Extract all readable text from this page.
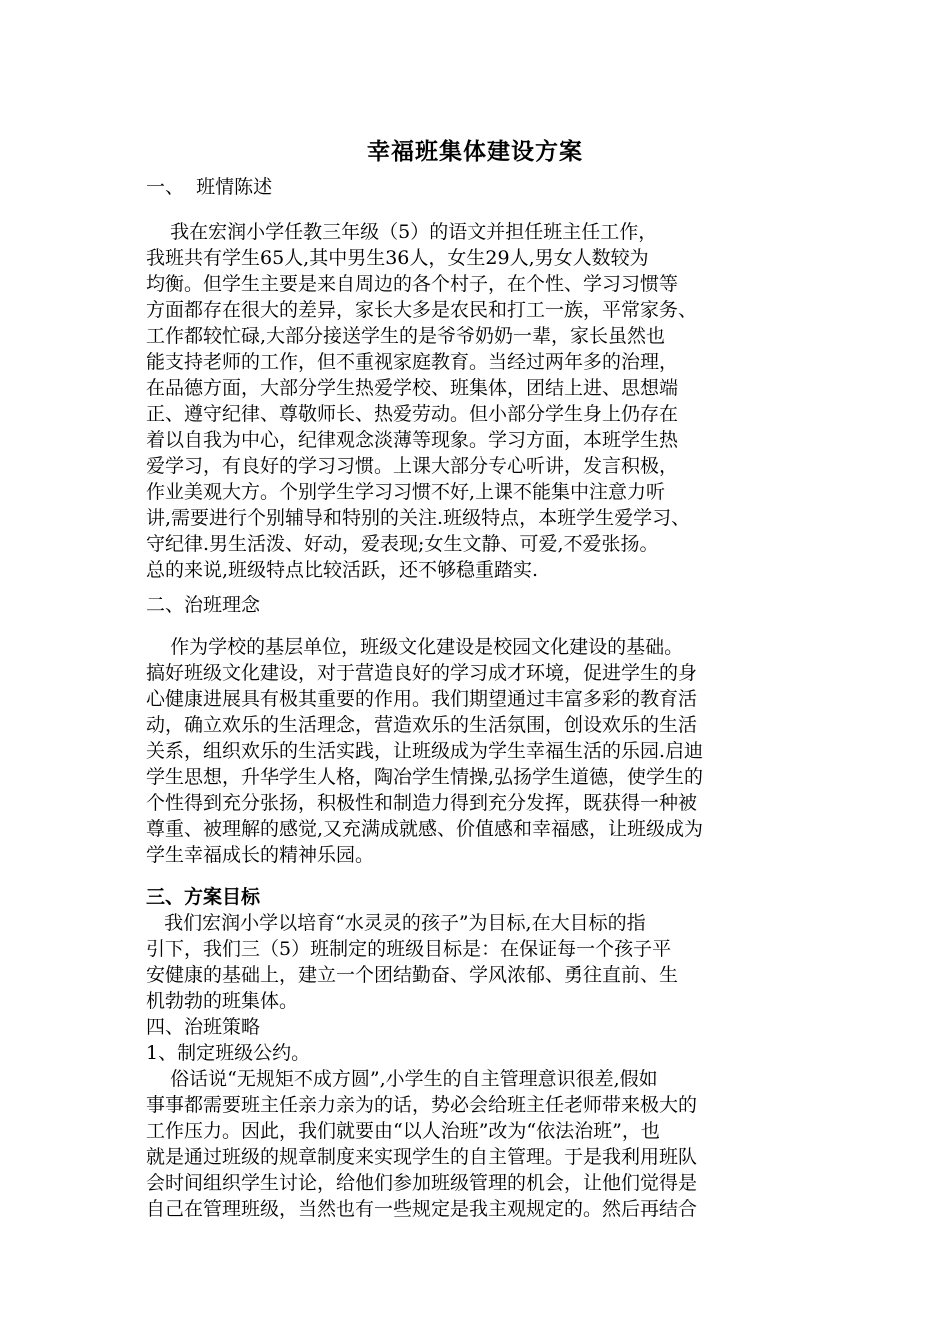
幸福班集体建设方案
一、  班情陈述
我在宏润小学任教三年级（5）的语文并担任班主任工作，
我班共有学生65人,其中男生36人，女生29人,男女人数较为
均衡。但学生主要是来自周边的各个村子，在个性、学习习惯等
方面都存在很大的差异，家长大多是农民和打工一族，平常家务、
工作都较忙碌,大部分接送学生的是爷爷奶奶一辈，家长虽然也
能支持老师的工作，但不重视家庭教育。当经过两年多的治理，
在品德方面，大部分学生热爱学校、班集体，团结上进、思想端
正、遵守纪律、尊敬师长、热爱劳动。但小部分学生身上仍存在
着以自我为中心，纪律观念淡薄等现象。学习方面，本班学生热
爱学习，有良好的学习习惯。上课大部分专心听讲，发言积极，
作业美观大方。个别学生学习习惯不好,上课不能集中注意力听
讲,需要进行个别辅导和特别的关注.班级特点，本班学生爱学习、
守纪律.男生活泼、好动，爱表现;女生文静、可爱,不爱张扬。
总的来说,班级特点比较活跃，还不够稳重踏实.
二、治班理念
作为学校的基层单位，班级文化建设是校园文化建设的基础。
搞好班级文化建设，对于营造良好的学习成才环境，促进学生的身
心健康进展具有极其重要的作用。我们期望通过丰富多彩的教育活
动，确立欢乐的生活理念，营造欢乐的生活氛围，创设欢乐的生活
关系，组织欢乐的生活实践，让班级成为学生幸福生活的乐园.启迪
学生思想，升华学生人格，陶冶学生情操,弘扬学生道德，使学生的
个性得到充分张扬，积极性和制造力得到充分发挥，既获得一种被
尊重、被理解的感觉,又充满成就感、价值感和幸福感，让班级成为
学生幸福成长的精神乐园。
三、方案目标
我们宏润小学以培育“水灵灵的孩子”为目标,在大目标的指
引下，我们三（5）班制定的班级目标是：在保证每一个孩子平
安健康的基础上，建立一个团结勤奋、学风浓郁、勇往直前、生
机勃勃的班集体。
四、治班策略
1、制定班级公约。
俗话说“无规矩不成方圆”,小学生的自主管理意识很差,假如
事事都需要班主任亲力亲为的话，势必会给班主任老师带来极大的
工作压力。因此，我们就要由“以人治班”改为“依法治班”，也
就是通过班级的规章制度来实现学生的自主管理。于是我利用班队
会时间组织学生讨论，给他们参加班级管理的机会，让他们觉得是
自己在管理班级，当然也有一些规定是我主观规定的。然后再结合
